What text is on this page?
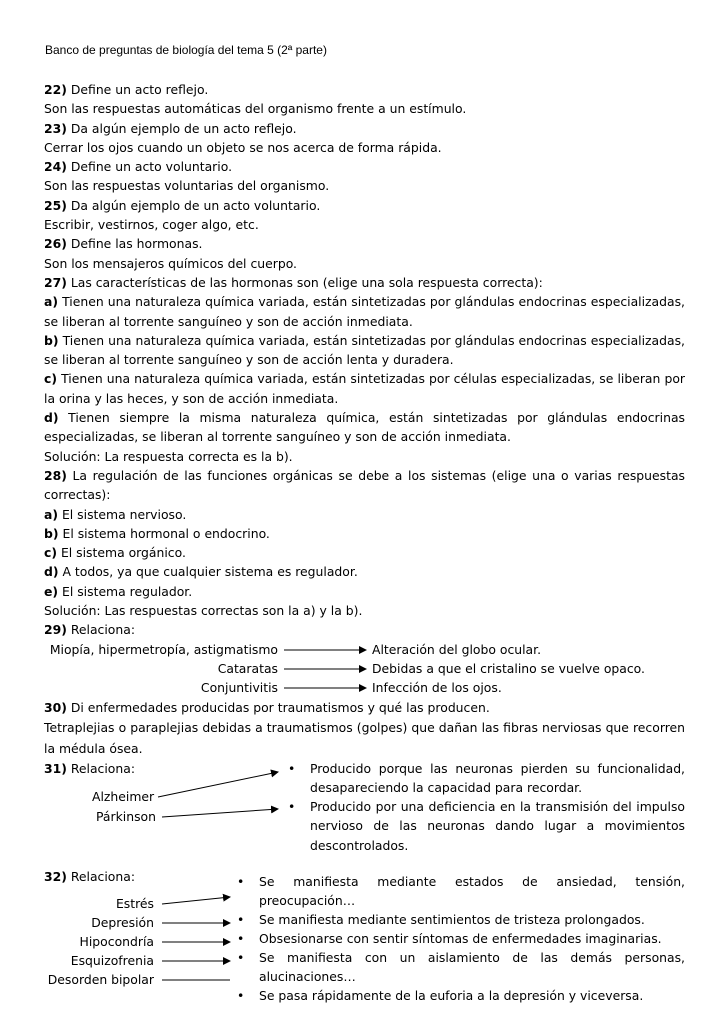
Banco de preguntas de biología del tema 5 (2ª parte)

22) Define un acto reflejo.

Son las respuestas automáticas del organismo frente a un estímulo.

23) Da algún ejemplo de un acto reflejo.

Cerrar los ojos cuando un objeto se nos acerca de forma rápida.

24) Define un acto voluntario.

Son las respuestas voluntarias del organismo.

25) Da algún ejemplo de un acto voluntario.

Escribir, vestirnos, coger algo, etc.

26) Define las hormonas.

Son los mensajeros químicos del cuerpo.

27) Las características de las hormonas son (elige una sola respuesta correcta):

a) Tienen una naturaleza química variada, están sintetizadas por glándulas endocrinas especializadas, se liberan al torrente sanguíneo y son de acción inmediata.

b) Tienen una naturaleza química variada, están sintetizadas por glándulas endocrinas especializadas, se liberan al torrente sanguíneo y son de acción lenta y duradera.

c) Tienen una naturaleza química variada, están sintetizadas por células especializadas, se liberan por la orina y las heces, y son de acción inmediata.

d) Tienen siempre la misma naturaleza química, están sintetizadas por glándulas endocrinas especializadas, se liberan al torrente sanguíneo y son de acción inmediata.

Solución: La respuesta correcta es la b).

28) La regulación de las funciones orgánicas se debe a los sistemas (elige una o varias respuestas correctas):

a) El sistema nervioso.

b) El sistema hormonal o endocrino.

c) El sistema orgánico.

d) A todos, ya que cualquier sistema es regulador.

e) El sistema regulador.

Solución: Las respuestas correctas son la a) y la b).

29) Relaciona:

Miopía, hipermetropía, astigmatismo
Cataratas
Conjuntivitis
Alteración del globo ocular.
Debidas a que el cristalino se vuelve opaco.
Infección de los ojos.

30) Di enfermedades producidas por traumatismos y qué las producen.

Tetraplejias o paraplejias debidas a traumatismos (golpes) que dañan las fibras nerviosas que recorren la médula ósea.

31) Relaciona:
Alzheimer
Párkinson
• Producido porque las neuronas pierden su funcionalidad, desapareciendo la capacidad para recordar.
• Producido por una deficiencia en la transmisión del impulso nervioso de las neuronas dando lugar a movimientos descontrolados.
32) Relaciona:
Estrés
Depresión
Hipocondría
Esquizofrenia
Desorden bipolar
• Se manifiesta mediante estados de ansiedad, tensión, preocupación…
• Se manifiesta mediante sentimientos de tristeza prolongados.
• Obsesionarse con sentir síntomas de enfermedades imaginarias.
• Se manifiesta con un aislamiento de las demás personas, alucinaciones…
• Se pasa rápidamente de la euforia a la depresión y viceversa.
